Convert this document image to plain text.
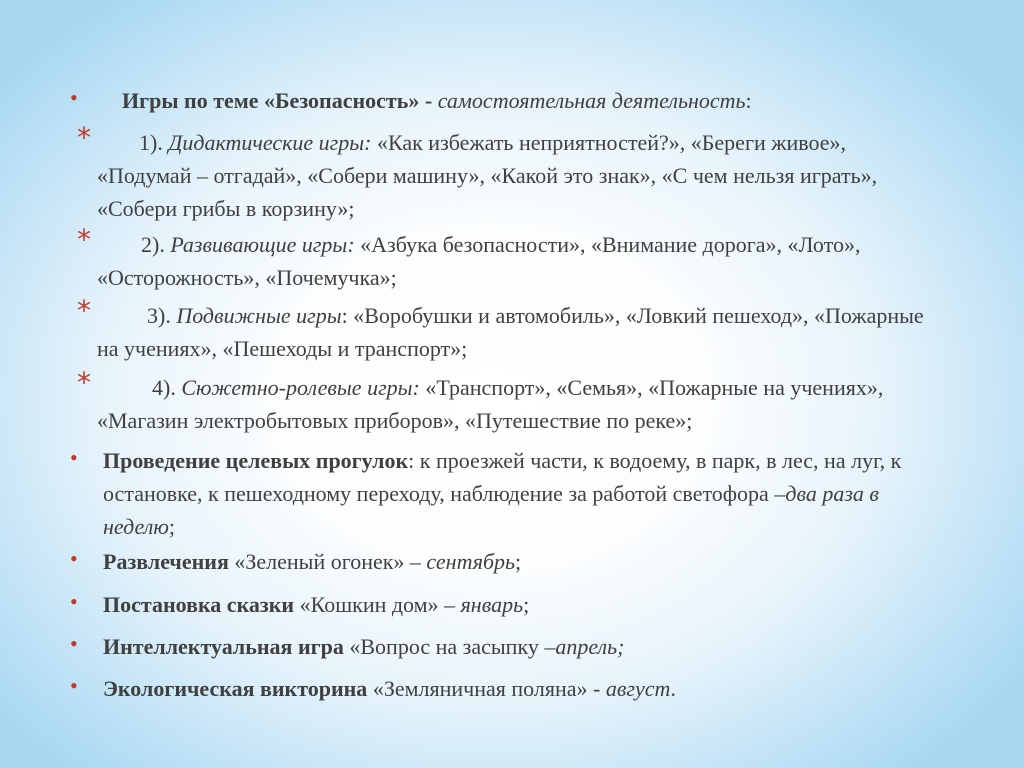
• Игры по теме «Безопасность» - самостоятельная деятельность:
*	1). Дидактические игры: «Как избежать неприятностей?», «Береги живое», «Подумай – отгадай», «Собери машину», «Какой это знак», «С чем нельзя играть», «Собери грибы в корзину»;
*	2). Развивающие игры: «Азбука безопасности», «Внимание дорога», «Лото», «Осторожность», «Почемучка»;
*	3). Подвижные игры: «Воробушки и автомобиль», «Ловкий пешеход», «Пожарные на учениях», «Пешеходы и транспорт»;
*	4). Сюжетно-ролевые игры: «Транспорт», «Семья», «Пожарные на учениях», «Магазин электробытовых приборов», «Путешествие по реке»;
• Проведение целевых прогулок: к проезжей части, к водоему, в парк, в лес, на луг, к остановке, к пешеходному переходу, наблюдение за работой светофора –два раза в неделю;
• Развлечения «Зеленый огонек» – сентябрь;
• Постановка сказки «Кошкин дом» – январь;
• Интеллектуальная игра «Вопрос на засыпку –апрель;
• Экологическая викторина «Земляничная поляна» - август.
